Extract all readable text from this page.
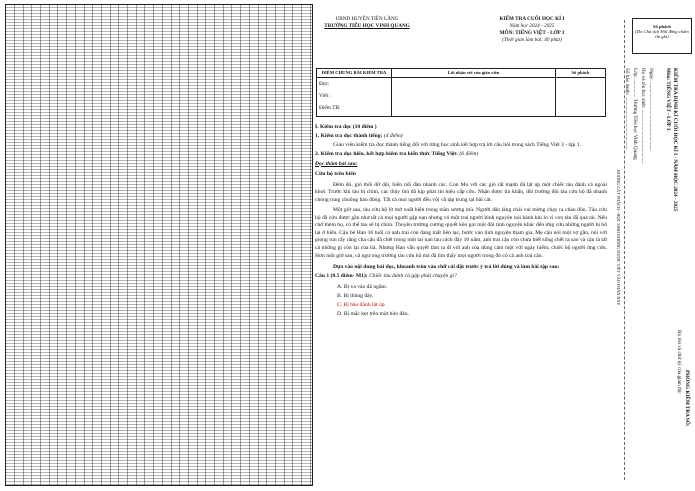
UBND HUYỆN TIÊN LÃNG
TRƯỜNG TIỂU HỌC VINH QUANG
KIỂM TRA CUỐI HỌC KÌ I
Năm học 2024 - 2025
MÔN: TIẾNG VIỆT - LỚP 3
(Thời gian làm bài: 40 phút)
ĐIỂM CHUNG BÀI KIỂM TRA	Lời nhận xét của giáo viên	Số phách

Đọc:
Viết :
Điểm TB:		

I. Kiểm tra đọc (10 điểm )

1. Kiểm tra đọc thành tiếng: (4 điểm)

Giáo viên kiểm tra đọc thành tiếng đối với từng học sinh kết hợp trả lời câu hỏi trong sách Tiếng Việt 3 - tập 1.

2. Kiểm tra đọc hiểu, kết hợp kiểm tra kiến thức Tiếng Việt: (6 điểm)

Đọc thầm bài sau:

Cứu hộ trên biển

Đêm đó, gió thổi dữ dội, biển nổi đàn nhanh các. Con Mo với các gió rất mạnh đã lật úp một chiếc tàu đánh cá ngoài khơi. Trước khi tàu bị chìm, các thủy thủ đã kịp phát tín hiệu cấp cứu. Nhận được tin khẩn, đội trưởng đội tàu cứu hộ đã nhanh chóng rung chuông báo động. Tất cả mọi người đều vội vã tập trung tại bãi cát.

Một giờ sau, tàu cứu hộ lờ mờ xuất hiện trong màn sương mù. Người dân làng chài vui mừng chạy ra chào đón. Tàu cứu hộ đã cứu được gần như tất cả mọi người gặp nạn nhưng có một trai người bình nguyện nói hành khi lo vì con tàu đã quá tải. Nếu chở thêm họ, có thể tàu sẽ bị chìm. Thuyền trưởng cương quyết kêu gọi một đội tình nguyện khác đến ứng cứu những người bị bỏ lại ở biển. Cậu bé Han 16 tuổi có anh trai còn đang mất liên lạc, bước vào tình nguyện tham gia. Mẹ cậu nói một vợ gần, nói với giọng run rẩy rằng cha cậu đã chết trong một tai nạn tàu cách đây 10 năm, anh trai cậu còn chưa biết sống chết ra sao và cậu là tất cả những gì còn lại của bà. Nhưng Han vẫn quyết tâm ra đi với anh của dũng cảm một với ngày hiểm, chiếc hộ người ứng cứu. Hơn một giờ sau, cả ngư ong trường tàu cứu hộ mà đã tìm thấy mọi người trong đó có cả anh trai cậu.

Dựa vào nội dung bài đọc, khoanh tròn vào chữ cái đặt trước ý trả lời đúng và làm bài tập sau:

Câu 1 (0.5 điểm- M1): Chiếc tàu đánh cá gặp phải chuyện gì?

A. Bị va vào đá ngầm.

B. Bị thủng đáy.

C. Bị bão đánh lật úp.

D. Bị mắc kẹt trên một hòn đảo.

Số phách
(Do Chủ tịch Hội đồng chấm thi ghi)
KIỂM TRA ĐỊNH KÌ CUỐI HỌC KÌ I - NĂM HỌC 2024 - 2025
Môn: TIẾNG VIỆT - LỚP 3
Ngày: .....................................................
Họ và tên học sinh: ..........................................
Lớp: .............. Trường Tiểu học Vinh Quang
Số báo danh: .........................................
ĐƯỜNG CẮT PHÁCH - HỌC SINH KHÔNG ĐƯỢC VIẾT VÀO PHẦN NÀY
PHÒNG KIỂM TRA SỐ:
Họ tên và chữ ký của giám thị:
